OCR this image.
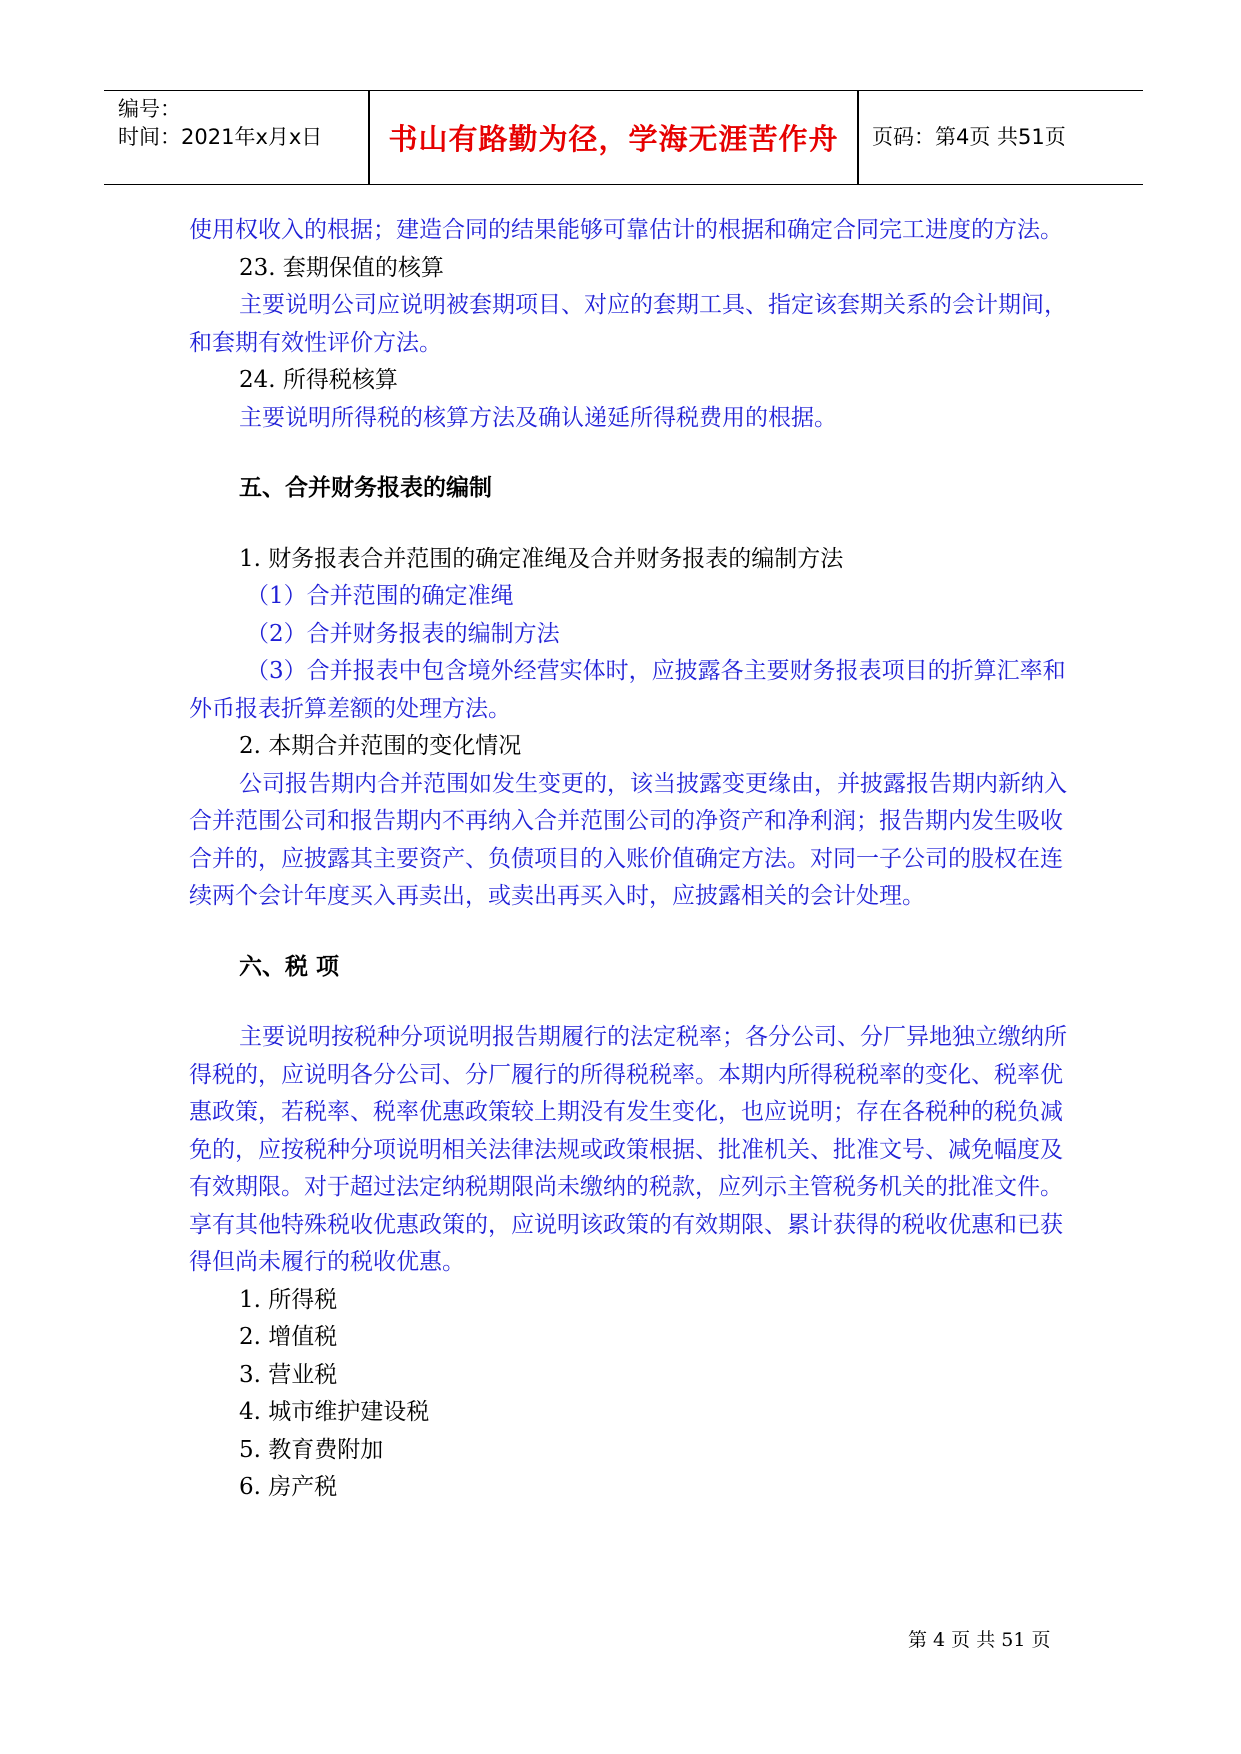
编号：
时间：2021年x月x日	书山有路勤为径，学海无涯苦作舟	页码：第4页 共51页

使用权收入的根据；建造合同的结果能够可靠估计的根据和确定合同完工进度的方法。

23. 套期保值的核算

主要说明公司应说明被套期项目、对应的套期工具、指定该套期关系的会计期间，和套期有效性评价方法。

24. 所得税核算

主要说明所得税的核算方法及确认递延所得税费用的根据。

五、合并财务报表的编制

1. 财务报表合并范围的确定准绳及合并财务报表的编制方法

（1）合并范围的确定准绳

（2）合并财务报表的编制方法

（3）合并报表中包含境外经营实体时，应披露各主要财务报表项目的折算汇率和外币报表折算差额的处理方法。

2. 本期合并范围的变化情况

公司报告期内合并范围如发生变更的，该当披露变更缘由，并披露报告期内新纳入合并范围公司和报告期内不再纳入合并范围公司的净资产和净利润；报告期内发生吸收合并的，应披露其主要资产、负债项目的入账价值确定方法。对同一子公司的股权在连续两个会计年度买入再卖出，或卖出再买入时，应披露相关的会计处理。

六、税 项

主要说明按税种分项说明报告期履行的法定税率；各分公司、分厂异地独立缴纳所得税的，应说明各分公司、分厂履行的所得税税率。本期内所得税税率的变化、税率优惠政策，若税率、税率优惠政策较上期没有发生变化，也应说明；存在各税种的税负减免的，应按税种分项说明相关法律法规或政策根据、批准机关、批准文号、减免幅度及有效期限。对于超过法定纳税期限尚未缴纳的税款，应列示主管税务机关的批准文件。享有其他特殊税收优惠政策的，应说明该政策的有效期限、累计获得的税收优惠和已获得但尚未履行的税收优惠。

1. 所得税

2. 增值税

3. 营业税

4. 城市维护建设税

5. 教育费附加

6. 房产税

第 4 页 共 51 页
